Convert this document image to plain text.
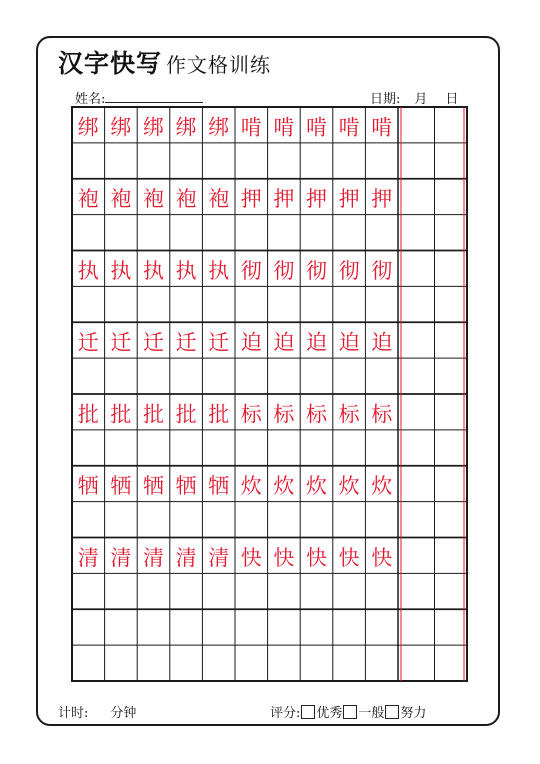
汉字快写 作文格训练
姓名:	日期: 月 日
绑 绑 绑 绑 绑 啃 啃 啃 啃 啃
袍 袍 袍 袍 袍 押 押 押 押 押
执 执 执 执 执 彻 彻 彻 彻 彻
迁 迁 迁 迁 迁 迫 迫 迫 迫 迫
批 批 批 批 批 标 标 标 标 标
牺 牺 牺 牺 牺 炊 炊 炊 炊 炊
清 清 清 清 清 快 快 快 快 快
计时: 分钟	评分: 优秀 一般 努力
